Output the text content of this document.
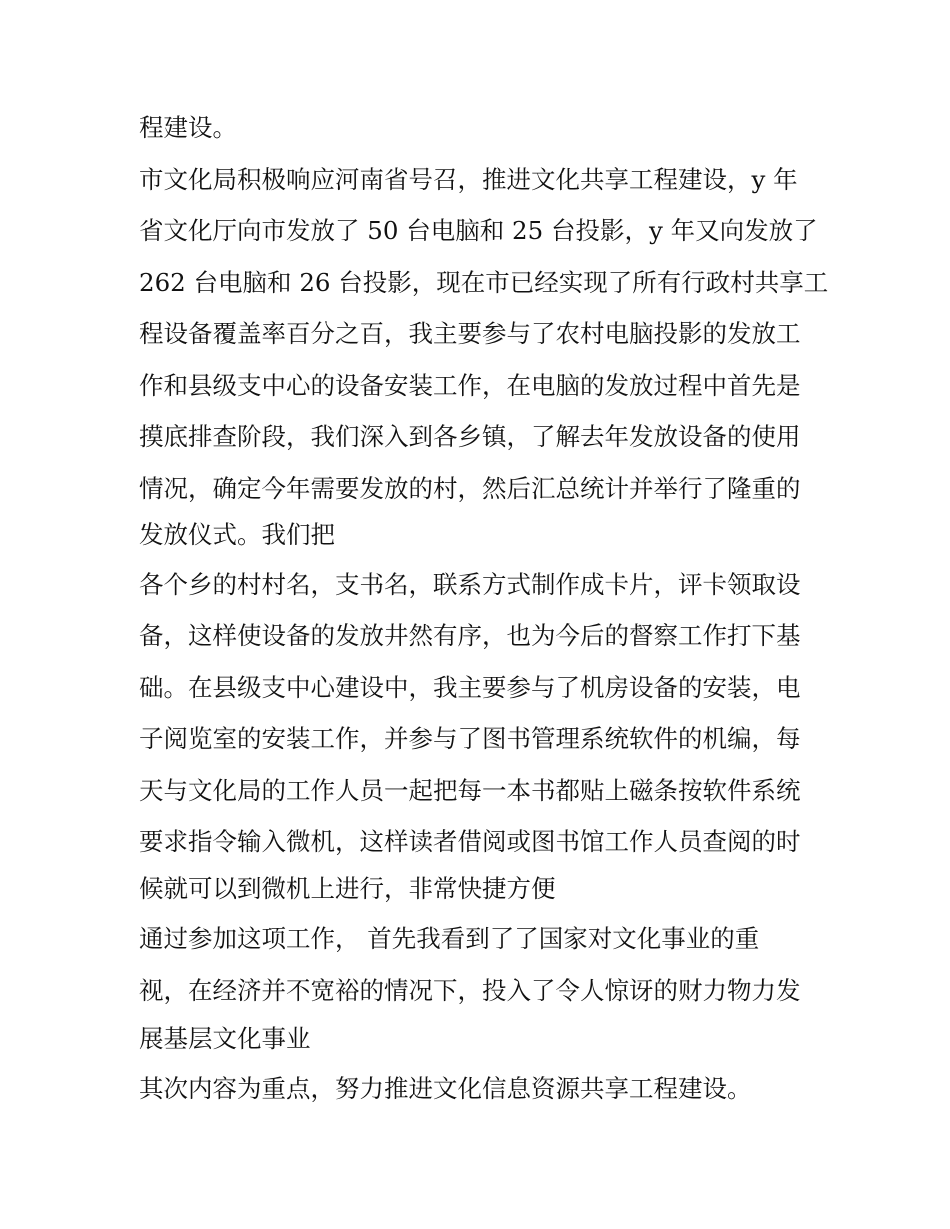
程建设。

市文化局积极响应河南省号召，推进文化共享工程建设，y 年

省文化厅向市发放了 50 台电脑和 25 台投影，y 年又向发放了

262 台电脑和 26 台投影，现在市已经实现了所有行政村共享工

程设备覆盖率百分之百，我主要参与了农村电脑投影的发放工

作和县级支中心的设备安装工作，在电脑的发放过程中首先是

摸底排查阶段，我们深入到各乡镇，了解去年发放设备的使用

情况，确定今年需要发放的村，然后汇总统计并举行了隆重的

发放仪式。我们把

各个乡的村村名，支书名，联系方式制作成卡片，评卡领取设

备，这样使设备的发放井然有序，也为今后的督察工作打下基

础。在县级支中心建设中，我主要参与了机房设备的安装，电

子阅览室的安装工作，并参与了图书管理系统软件的机编，每

天与文化局的工作人员一起把每一本书都贴上磁条按软件系统

要求指令输入微机，这样读者借阅或图书馆工作人员查阅的时

候就可以到微机上进行，非常快捷方便

通过参加这项工作， 首先我看到了了国家对文化事业的重

视，在经济并不宽裕的情况下，投入了令人惊讶的财力物力发

展基层文化事业

其次内容为重点，努力推进文化信息资源共享工程建设。
